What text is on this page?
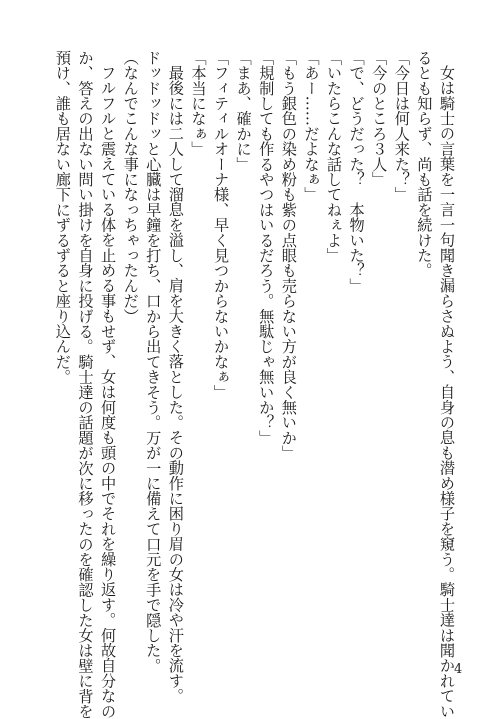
女は騎士の言葉を一言一句聞き漏らさぬよう、自身の息も潜め様子を窺う。騎士達は聞かれてい
るとも知らず、尚も話を続けた。
「今日は何人来た？」
「今のところ３人」
「で、どうだった？　本物いた？」
「いたらこんな話してねぇよ」
「あー……だよなぁ」
「もう銀色の染め粉も紫の点眼も売らない方が良く無いか」
「規制しても作るやつはいるだろう。無駄じゃ無いか？」
「まあ、確かに」
「フィティルオーナ様、早く見つからないかなぁ」
「本当になぁ」
最後には二人して溜息を溢し、肩を大きく落とした。その動作に困り眉の女は冷や汗を流す。
ドッドッドッと心臓は早鐘を打ち、口から出てきそう。万が一に備えて口元を手で隠した。
（なんでこんな事になっちゃったんだ）
フルフルと震えている体を止める事もせず、女は何度も頭の中でそれを繰り返す。何故自分なの
か、答えの出ない問い掛けを自身に投げる。騎士達の話題が次に移ったのを確認した女は壁に背を
預け、誰も居ない廊下にずるずると座り込んだ。
4
